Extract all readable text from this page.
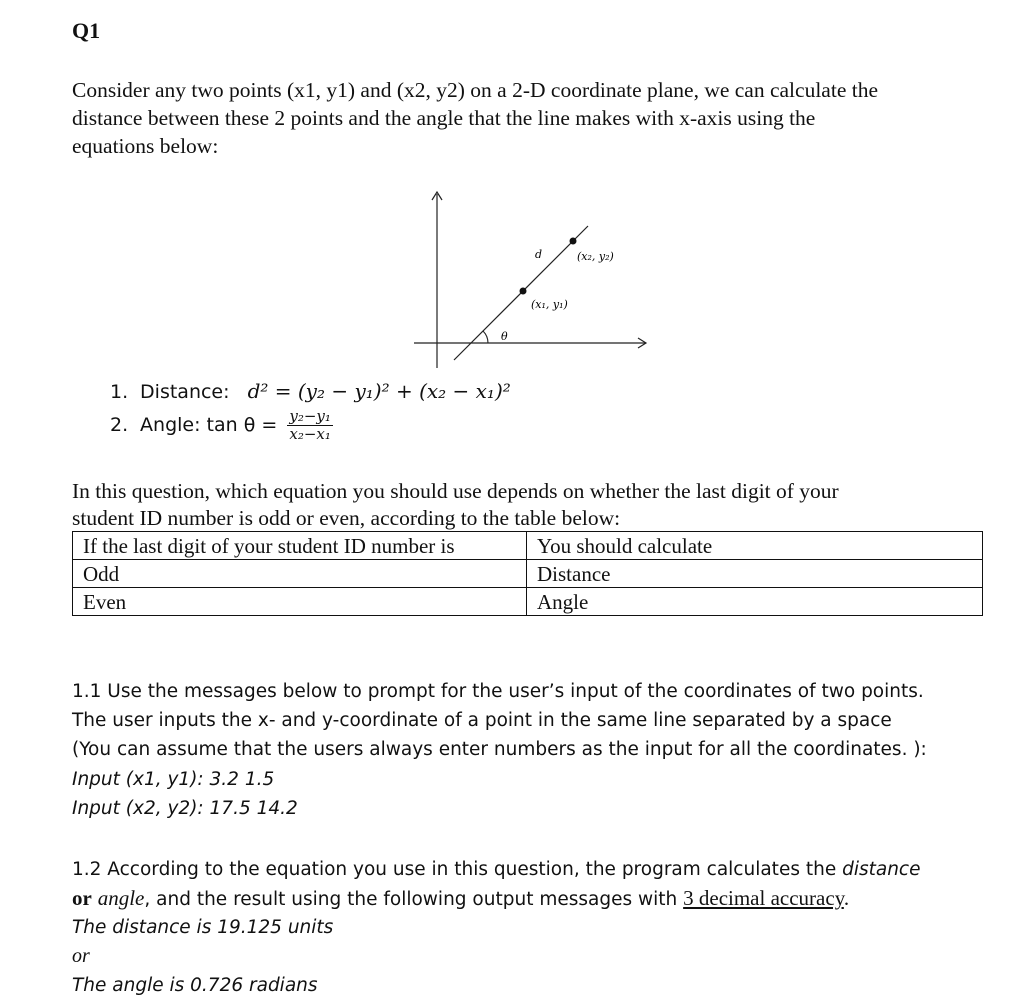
Q1
Consider any two points (x1, y1) and (x2, y2) on a 2-D coordinate plane, we can calculate the
distance between these 2 points and the angle that the line makes with x-axis using the
equations below:
d	(x₂, y₂)
(x₁, y₁)
θ
1. Distance: d² = (y₂ − y₁)² + (x₂ − x₁)²
2. Angle: $\tan \theta = \frac{\text{y₂−y₁}}{\text{x₂−x₁}}$
In this question, which equation you should use depends on whether the last digit of your
student ID number is odd or even, according to the table below:
If the last digit of your student ID number is	You should calculate
Odd	Distance
Even	Angle
1.1 Use the messages below to prompt for the user’s input of the coordinates of two points.
The user inputs the x- and y-coordinate of a point in the same line separated by a space
(You can assume that the users always enter numbers as the input for all the coordinates. ):
Input (x1, y1): 3.2 1.5
Input (x2, y2): 17.5 14.2
1.2 According to the equation you use in this question, the program calculates the distance
or angle, and the result using the following output messages with 3 decimal accuracy.
The distance is 19.125 units
or
The angle is 0.726 radians
